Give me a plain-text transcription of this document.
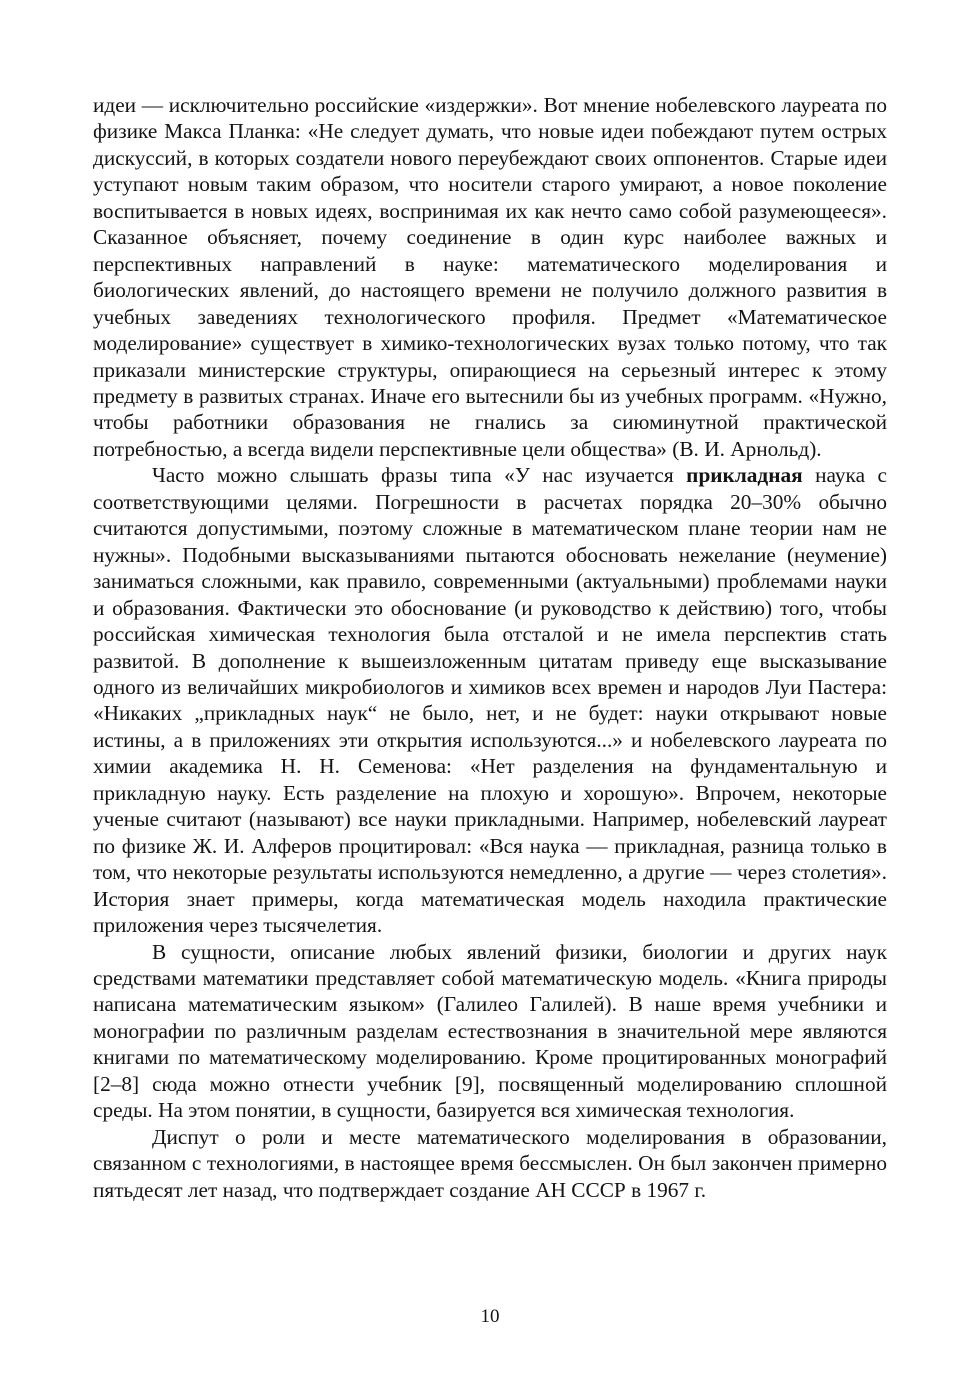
идеи — исключительно российские «издержки». Вот мнение нобелевского лауреата по физике Макса Планка: «Не следует думать, что новые идеи побеждают путем острых дискуссий, в которых создатели нового переубеждают своих оппонентов. Старые идеи уступают новым таким образом, что носители старого умирают, а новое поколение воспитывается в новых идеях, воспринимая их как нечто само собой разумеющееся». Сказанное объясняет, почему соединение в один курс наиболее важных и перспективных направлений в науке: математического моделирования и биологических явлений, до настоящего времени не получило должного развития в учебных заведениях технологического профиля. Предмет «Математическое моделирование» существует в химико-технологических вузах только потому, что так приказали министерские структуры, опирающиеся на серьезный интерес к этому предмету в развитых странах. Иначе его вытеснили бы из учебных программ. «Нужно, чтобы работники образования не гнались за сиюминутной практической потребностью, а всегда видели перспективные цели общества» (В. И. Арнольд).

Часто можно слышать фразы типа «У нас изучается прикладная наука с соответствующими целями. Погрешности в расчетах порядка 20–30% обычно считаются допустимыми, поэтому сложные в математическом плане теории нам не нужны». Подобными высказываниями пытаются обосновать нежелание (неумение) заниматься сложными, как правило, современными (актуальными) проблемами науки и образования. Фактически это обоснование (и руководство к действию) того, чтобы российская химическая технология была отсталой и не имела перспектив стать развитой. В дополнение к вышеизложенным цитатам приведу еще высказывание одного из величайших микробиологов и химиков всех времен и народов Луи Пастера: «Никаких „прикладных наук“ не было, нет, и не будет: науки открывают новые истины, а в приложениях эти открытия используются...» и нобелевского лауреата по химии академика Н. Н. Семенова: «Нет разделения на фундаментальную и прикладную науку. Есть разделение на плохую и хорошую». Впрочем, некоторые ученые считают (называют) все науки прикладными. Например, нобелевский лауреат по физике Ж. И. Алферов процитировал: «Вся наука — прикладная, разница только в том, что некоторые результаты используются немедленно, а другие — через столетия». История знает примеры, когда математическая модель находила практические приложения через тысячелетия.

В сущности, описание любых явлений физики, биологии и других наук средствами математики представляет собой математическую модель. «Книга природы написана математическим языком» (Галилео Галилей). В наше время учебники и монографии по различным разделам естествознания в значительной мере являются книгами по математическому моделированию. Кроме процитированных монографий [2–8] сюда можно отнести учебник [9], посвященный моделированию сплошной среды. На этом понятии, в сущности, базируется вся химическая технология.

Диспут о роли и месте математического моделирования в образовании, связанном с технологиями, в настоящее время бессмыслен. Он был закончен примерно пятьдесят лет назад, что подтверждает создание АН СССР в 1967 г.

10
